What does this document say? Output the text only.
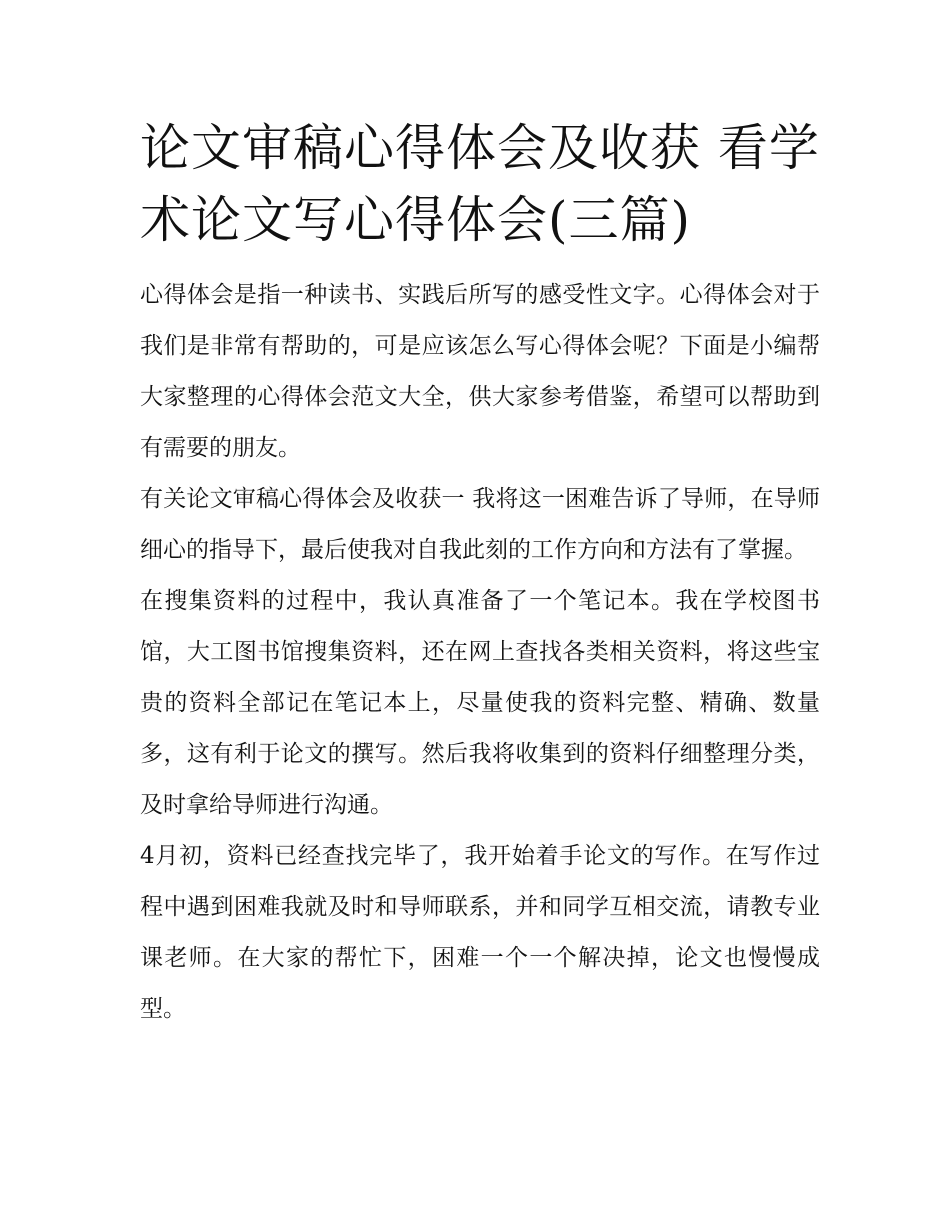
论文审稿心得体会及收获 看学术论文写心得体会(三篇)

心得体会是指一种读书、实践后所写的感受性文字。心得体会对于我们是非常有帮助的，可是应该怎么写心得体会呢？下面是小编帮大家整理的心得体会范文大全，供大家参考借鉴，希望可以帮助到有需要的朋友。

有关论文审稿心得体会及收获一 我将这一困难告诉了导师，在导师细心的指导下，最后使我对自我此刻的工作方向和方法有了掌握。

在搜集资料的过程中，我认真准备了一个笔记本。我在学校图书馆，大工图书馆搜集资料，还在网上查找各类相关资料，将这些宝贵的资料全部记在笔记本上，尽量使我的资料完整、精确、数量多，这有利于论文的撰写。然后我将收集到的资料仔细整理分类，及时拿给导师进行沟通。

4月初，资料已经查找完毕了，我开始着手论文的写作。在写作过程中遇到困难我就及时和导师联系，并和同学互相交流，请教专业课老师。在大家的帮忙下，困难一个一个解决掉，论文也慢慢成型。
